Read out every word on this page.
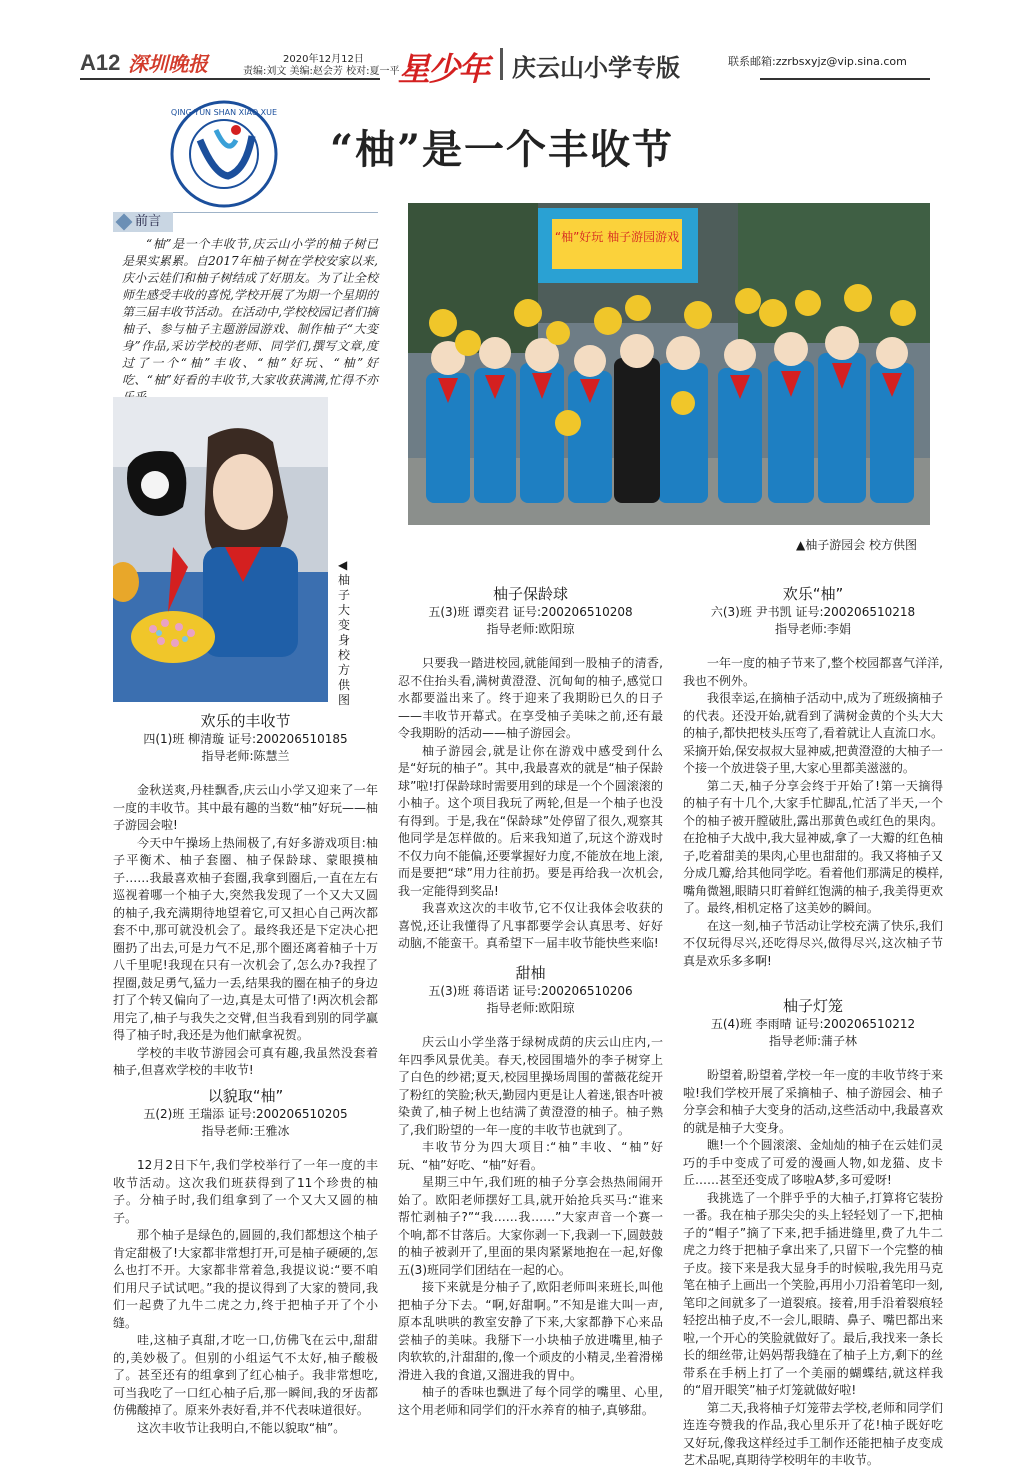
A12 深圳晚报	2020年12月12日
责编:刘文 美编:赵会芳 校对:夏一平
星少年 庆云山小学专版	联系邮箱:zzrbsxyjz@vip.sina.com
QING YUN SHAN XIAO XUE
“柚”是一个丰收节
前言

“柚”是一个丰收节,庆云山小学的柚子树已是果实累累。自2017年柚子树在学校安家以来,庆小云娃们和柚子树结成了好朋友。为了让全校师生感受丰收的喜悦,学校开展了为期一个星期的第三届丰收节活动。在活动中,学校校园记者们摘柚子、参与柚子主题游园游戏、制作柚子“大变身”作品,采访学校的老师、同学们,撰写文章,度过了一个“柚”丰收、“柚”好玩、“柚”好吃、“柚”好看的丰收节,大家收获满满,忙得不亦

“柚”好玩 柚子游园游戏
▲柚子游园会 校方供图
◀柚子大变身 校方供图
欢乐的丰收节
四(1)班 柳清璇 证号:200206510185
指导老师:陈慧兰

金秋送爽,丹桂飘香,庆云山小学又迎来了一年一度的丰收节。其中最有趣的当数“柚”好玩——柚子游园会啦!

今天中午操场上热闹极了,有好多游戏项目:柚子平衡术、柚子套圈、柚子保龄球、蒙眼摸柚子……我最喜欢柚子套圈,我拿到圈后,一直在左右巡视着哪一个柚子大,突然我发现了一个又大又圆的柚子,我充满期待地望着它,可又担心自己两次都套不中,那可就没机会了。最终我还是下定决心把圈扔了出去,可是力气不足,那个圈还离着柚子十万八千里呢!我现在只有一次机会了,怎么办?我捏了捏圈,鼓足勇气,猛力一丢,结果我的圈在柚子的身边打了个转又偏向了一边,真是太可惜了!两次机会都用完了,柚子与我失之交臂,但当我看到别的同学赢得了柚子时,我还是为他们献拿祝贺。

学校的丰收节游园会可真有趣,我虽然没套着柚子,但喜欢学校的丰收节!

以貌取“柚”
五(2)班 王瑞添 证号:200206510205
指导老师:王雅冰

12月2日下午,我们学校举行了一年一度的丰收节活动。这次我们班获得到了11个珍贵的柚子。分柚子时,我们组拿到了一个又大又圆的柚子。

那个柚子是绿色的,圆圆的,我们都想这个柚子肯定甜极了!大家都非常想打开,可是柚子硬硬的,怎么也打不开。大家都非常着急,我提议说:“要不咱们用尺子试试吧。”我的提议得到了大家的赞同,我们一起费了九牛二虎之力,终于把柚子开了个小缝。

哇,这柚子真甜,才吃一口,仿佛飞在云中,甜甜的,美妙极了。但别的小组运气不太好,柚子酸极了。甚至还有的组拿到了红心柚子。我非常想吃,可当我吃了一口红心柚子后,那一瞬间,我的牙齿都仿佛酸掉了。原来外表好看,并不代表味道很好。

这次丰收节让我明白,不能以貌取“柚”。

柚子保龄球
五(3)班 谭奕君 证号:200206510208
指导老师:欧阳琼

只要我一踏进校园,就能闻到一股柚子的清香,忍不住抬头看,满树黄澄澄、沉甸甸的柚子,感觉口水都要溢出来了。终于迎来了我期盼已久的日子——丰收节开幕式。在享受柚子美味之前,还有最令我期盼的活动——柚子游园会。

柚子游园会,就是让你在游戏中感受到什么是“好玩的柚子”。其中,我最喜欢的就是“柚子保龄球”啦!打保龄球时需要用到的球是一个个圆滚滚的小柚子。这个项目我玩了两轮,但是一个柚子也没有得到。于是,我在“保龄球”处停留了很久,观察其他同学是怎样做的。后来我知道了,玩这个游戏时不仅力向不能偏,还要掌握好力度,不能放在地上滚,而是要把“球”用力往前扔。要是再给我一次机会,我一定能得到奖品!

我喜欢这次的丰收节,它不仅让我体会收获的喜悦,还让我懂得了凡事都要学会认真思考、好好动脑,不能蛮干。真希望下一届丰收节能快些来临!

甜柚
五(3)班 蒋语诺 证号:200206510206
指导老师:欧阳琼

庆云山小学坐落于绿树成荫的庆云山庄内,一年四季风景优美。春天,校园围墙外的李子树穿上了白色的纱裙;夏天,校园里操场周围的蕾薇花绽开了粉红的笑脸;秋天,勤园内更是让人着迷,银杏叶被染黄了,柚子树上也结满了黄澄澄的柚子。柚子熟了,我们盼望的一年一度的丰收节也就到了。

丰收节分为四大项目:“柚”丰收、“柚”好玩、“柚”好吃、“柚”好看。

星期三中午,我们班的柚子分享会热热闹闹开始了。欧阳老师摆好工具,就开始抢兵买马:“谁来帮忙剥柚子?”“我……我……”大家声音一个赛一个响,都不甘落后。大家你剥一下,我剥一下,圆鼓鼓的柚子被剥开了,里面的果肉紧紧地抱在一起,好像五(3)班同学们团结在一起的心。

接下来就是分柚子了,欧阳老师叫来班长,叫他把柚子分下去。“啊,好甜啊。”不知是谁大叫一声,原本乱哄哄的教室安静了下来,大家都静下心来品尝柚子的美味。我掰下一小块柚子放进嘴里,柚子肉软软的,汁甜甜的,像一个顽皮的小精灵,坐着滑梯滑进入我的食道,又溜进我的胃中。

柚子的香味也飘进了每个同学的嘴里、心里,这个用老师和同学们的汗水养育的柚子,真够甜。

欢乐“柚”
六(3)班 尹书凯 证号:200206510218
指导老师:李娟

一年一度的柚子节来了,整个校园都喜气洋洋,我也不例外。

我很幸运,在摘柚子活动中,成为了班级摘柚子的代表。还没开始,就看到了满树金黄的个头大大的柚子,都快把枝头压弯了,看着就让人直流口水。采摘开始,保安叔叔大显神威,把黄澄澄的大柚子一个接一个放进袋子里,大家心里都美滋滋的。

第二天,柚子分享会终于开始了!第一天摘得的柚子有十几个,大家手忙脚乱,忙活了半天,一个个的柚子被开膛破肚,露出那黄色或红色的果肉。在抢柚子大战中,我大显神威,拿了一大瓣的红色柚子,吃着甜美的果肉,心里也甜甜的。我又将柚子又分成几瓣,给其他同学吃。看着他们那满足的模样,嘴角微翘,眼睛只盯着鲜红饱满的柚子,我美得更欢了。最终,相机定格了这美妙的瞬间。

在这一刻,柚子节活动让学校充满了快乐,我们不仅玩得尽兴,还吃得尽兴,做得尽兴,这次柚子节真是欢乐多多啊!

柚子灯笼
五(4)班 李雨晴 证号:200206510212
指导老师:蒲子林

盼望着,盼望着,学校一年一度的丰收节终于来啦!我们学校开展了采摘柚子、柚子游园会、柚子分享会和柚子大变身的活动,这些活动中,我最喜欢的就是柚子大变身。

瞧!一个个圆滚滚、金灿灿的柚子在云娃们灵巧的手中变成了可爱的漫画人物,如龙猫、皮卡丘……甚至还变成了哆啦A梦,多可爱呀!

我挑选了一个胖乎乎的大柚子,打算将它装扮一番。我在柚子那尖尖的头上轻轻划了一下,把柚子的“帽子”摘了下来,把手插进缝里,费了九牛二虎之力终于把柚子拿出来了,只留下一个完整的柚子皮。接下来是我大显身手的时候啦,我先用马克笔在柚子上画出一个笑脸,再用小刀沿着笔印一刻,笔印之间就多了一道裂痕。接着,用手沿着裂痕轻轻挖出柚子皮,不一会儿,眼睛、鼻子、嘴巴都出来啦,一个开心的笑脸就做好了。最后,我找来一条长长的细丝带,让妈妈帮我缝在了柚子上方,剩下的丝带系在手柄上打了一个美丽的蝴蝶结,就这样我的“眉开眼笑”柚子灯笼就做好啦!

第二天,我将柚子灯笼带去学校,老师和同学们连连夸赞我的作品,我心里乐开了花!柚子既好吃又好玩,像我这样经过手工制作还能把柚子皮变成艺术品呢,真期待学校明年的丰收节。
